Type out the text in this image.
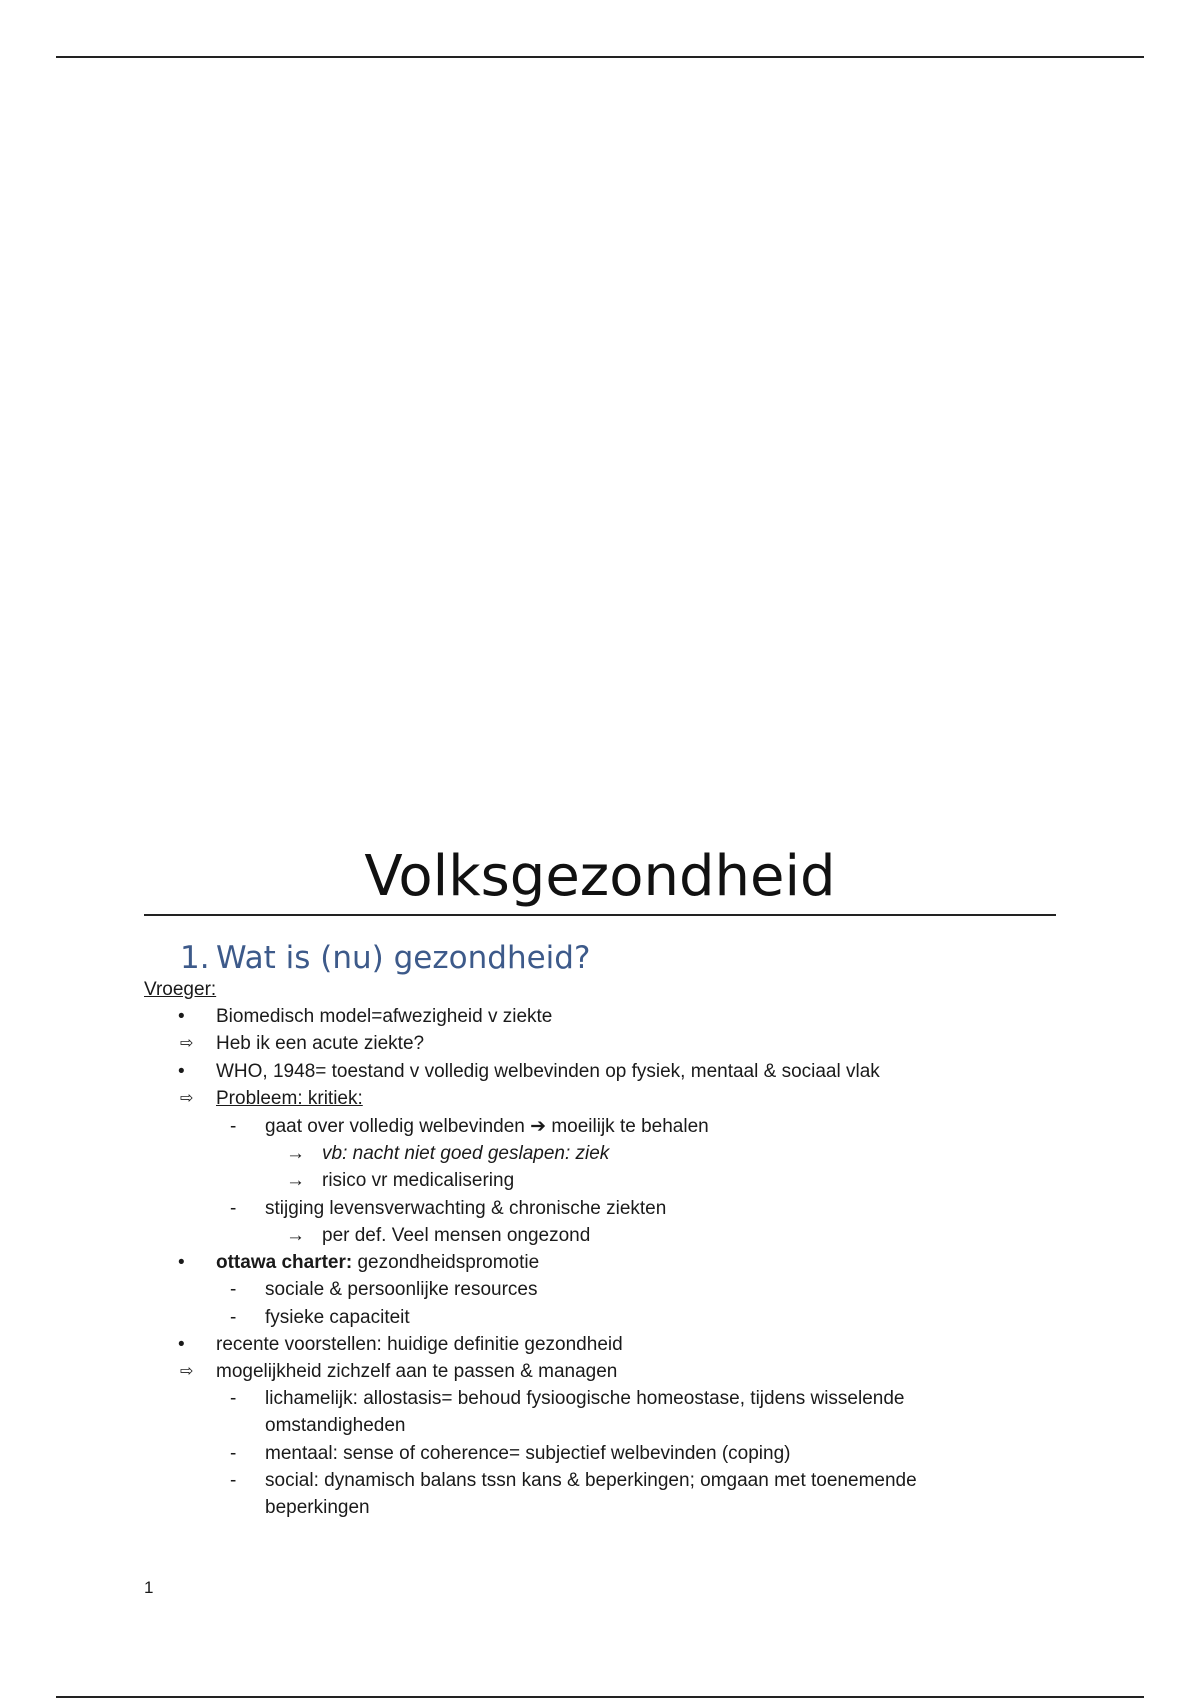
Volksgezondheid
1. Wat is (nu) gezondheid?
Vroeger:
• Biomedisch model=afwezigheid v ziekte
⇨ Heb ik een acute ziekte?
• WHO, 1948= toestand v volledig welbevinden op fysiek, mentaal & sociaal vlak
⇨ Probleem: kritiek:
- gaat over volledig welbevinden ➔ moeilijk te behalen
→ vb: nacht niet goed geslapen: ziek
→ risico vr medicalisering
- stijging levensverwachting & chronische ziekten
→ per def. Veel mensen ongezond
• ottawa charter: gezondheidspromotie
- sociale & persoonlijke resources
- fysieke capaciteit
• recente voorstellen: huidige definitie gezondheid
⇨ mogelijkheid zichzelf aan te passen & managen
- lichamelijk: allostasis= behoud fysioogische homeostase, tijdens wisselende
omstandigheden
- mentaal: sense of coherence= subjectief welbevinden (coping)
- social: dynamisch balans tssn kans & beperkingen; omgaan met toenemende
beperkingen
1
